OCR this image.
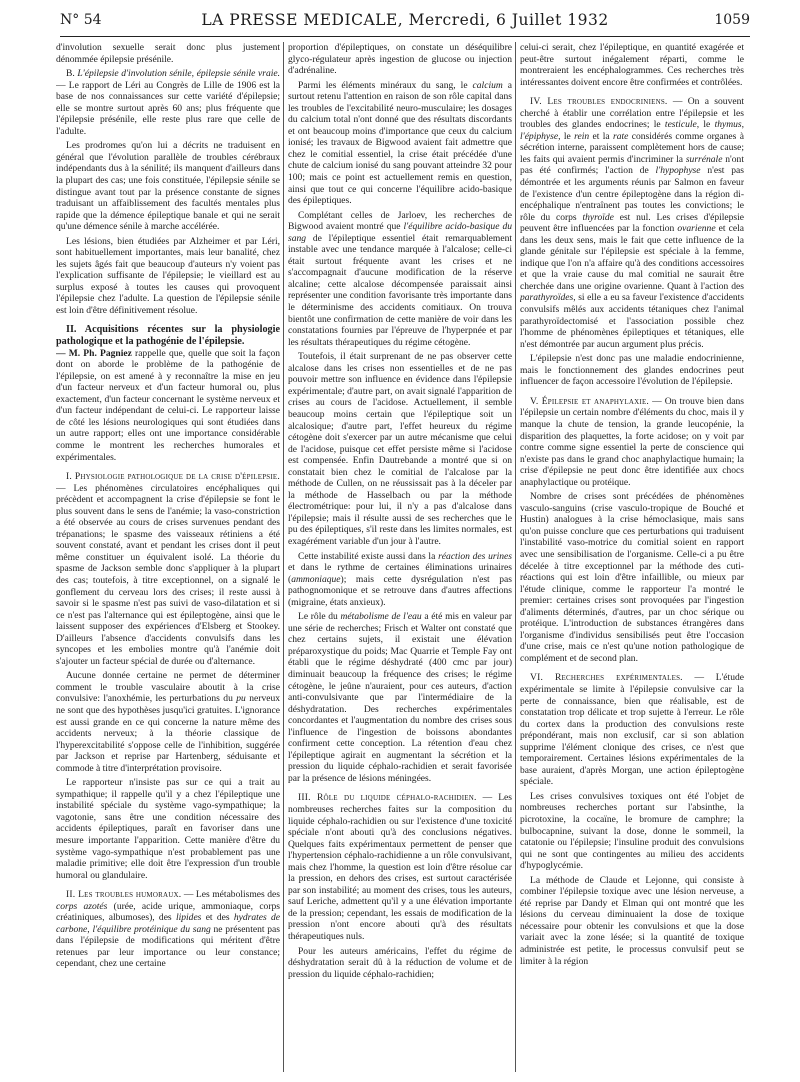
N° 54	LA PRESSE MEDICALE, Mercredi, 6 Juillet 1932	1059

d'involution sexuelle serait donc plus justement dénommée épilepsie présénile.

B. L'épilepsie d'involution sénile, épilepsie sénile vraie. — Le rapport de Léri au Congrès de Lille de 1906 est la base de nos connaissances sur cette variété d'épilepsie; elle se montre surtout après 60 ans; plus fréquente que l'épilepsie présénile, elle reste plus rare que celle de l'adulte.

Les prodromes qu'on lui a décrits ne traduisent en général que l'évolution parallèle de troubles cérébraux indépendants dus à la sénilité; ils manquent d'ailleurs dans la plupart des cas; une fois constituée, l'épilepsie sénile se distingue avant tout par la présence constante de signes traduisant un affaiblissement des facultés mentales plus rapide que la démence épileptique banale et qui ne serait qu'une démence sénile à marche accélérée.

Les lésions, bien étudiées par Alzheimer et par Léri, sont habituellement importantes, mais leur banalité, chez les sujets âgés fait que beaucoup d'auteurs n'y voient pas l'explication suffisante de l'épilepsie; le vieillard est au surplus exposé à toutes les causes qui provoquent l'épilepsie chez l'adulte. La question de l'épilepsie sénile est loin d'être définitivement résolue.

II. Acquisitions récentes sur la physiologie pathologique et la pathogénie de l'épilepsie.

— M. Ph. Pagniez rappelle que, quelle que soit la façon dont on aborde le problème de la pathogénie de l'épilepsie, on est amené à y reconnaître la mise en jeu d'un facteur nerveux et d'un facteur humoral ou, plus exactement, d'un facteur concernant le système nerveux et d'un facteur indépendant de celui-ci. Le rapporteur laisse de côté les lésions neurologiques qui sont étudiées dans un autre rapport; elles ont une importance considérable comme le montrent les recherches humorales et expérimentales.

I. Physiologie pathologique de la crise d'épilepsie. — Les phénomènes circulatoires encéphaliques qui précèdent et accompagnent la crise d'épilepsie se font le plus souvent dans le sens de l'anémie; la vaso-constriction a été observée au cours de crises survenues pendant des trépanations; le spasme des vaisseaux rétiniens a été souvent constaté, avant et pendant les crises dont il peut même constituer un équivalent isolé. La théorie du spasme de Jackson semble donc s'appliquer à la plupart des cas; toutefois, à titre exceptionnel, on a signalé le gonflement du cerveau lors des crises; il reste aussi à savoir si le spasme n'est pas suivi de vaso-dilatation et si ce n'est pas l'alternance qui est épileptogène, ainsi que le laissent supposer des expériences d'Elsberg et Stookey. D'ailleurs l'absence d'accidents convulsifs dans les syncopes et les embolies montre qu'à l'anémie doit s'ajouter un facteur spécial de durée ou d'alternance.

Aucune donnée certaine ne permet de déterminer comment le trouble vasculaire aboutit à la crise convulsive: l'anoxhémie, les perturbations du pu nerveux ne sont que des hypothèses jusqu'ici gratuites. L'ignorance est aussi grande en ce qui concerne la nature même des accidents nerveux; à la théorie classique de l'hyperexcitabilité s'oppose celle de l'inhibition, suggérée par Jackson et reprise par Hartenberg, séduisante et commode à titre d'interprétation provisoire.

Le rapporteur n'insiste pas sur ce qui a trait au sympathique; il rappelle qu'il y a chez l'épileptique une instabilité spéciale du système vago-sympathique; la vagotonie, sans être une condition nécessaire des accidents épileptiques, paraît en favoriser dans une mesure importante l'apparition. Cette manière d'être du système vago-sympathique n'est probablement pas une maladie primitive; elle doit être l'expression d'un trouble humoral ou glandulaire.

II. Les troubles humoraux. — Les métabolismes des corps azotés (urée, acide urique, ammoniaque, corps créatiniques, albumoses), des lipides et des hydrates de carbone, l'équilibre protéinique du sang ne présentent pas dans l'épilepsie de modifications qui méritent d'être retenues par leur importance ou leur constance; cependant, chez une certaine

proportion d'épileptiques, on constate un déséquilibre glyco-régulateur après ingestion de glucose ou injection d'adrénaline.

Parmi les éléments minéraux du sang, le calcium a surtout retenu l'attention en raison de son rôle capital dans les troubles de l'excitabilité neuro-musculaire; les dosages du calcium total n'ont donné que des résultats discordants et ont beaucoup moins d'importance que ceux du calcium ionisé; les travaux de Bigwood avaient fait admettre que chez le comitial essentiel, la crise était précédée d'une chute de calcium ionisé du sang pouvant atteindre 32 pour 100; mais ce point est actuellement remis en question, ainsi que tout ce qui concerne l'équilibre acido-basique des épileptiques.

Complétant celles de Jarloev, les recherches de Bigwood avaient montré que l'équilibre acido-basique du sang de l'épileptique essentiel était remarquablement instable avec une tendance marquée à l'alcalose; celle-ci était surtout fréquente avant les crises et ne s'accompagnait d'aucune modification de la réserve alcaline; cette alcalose décompensée paraissait ainsi représenter une condition favorisante très importante dans le déterminisme des accidents comitiaux. On trouva bientôt une confirmation de cette manière de voir dans les constatations fournies par l'épreuve de l'hyperpnée et par les résultats thérapeutiques du régime cétogène.

Toutefois, il était surprenant de ne pas observer cette alcalose dans les crises non essentielles et de ne pas pouvoir mettre son influence en évidence dans l'épilepsie expérimentale; d'autre part, on avait signalé l'apparition de crises au cours de l'acidose. Actuellement, il semble beaucoup moins certain que l'épileptique soit un alcalosique; d'autre part, l'effet heureux du régime cétogène doit s'exercer par un autre mécanisme que celui de l'acidose, puisque cet effet persiste même si l'acidose est compensée. Enfin Dautrebande a montré que si on constatait bien chez le comitial de l'alcalose par la méthode de Cullen, on ne réussissait pas à la déceler par la méthode de Hasselbach ou par la méthode électrométrique: pour lui, il n'y a pas d'alcalose dans l'épilepsie; mais il résulte aussi de ses recherches que le pu des épileptiques, s'il reste dans les limites normales, est exagérément variable d'un jour à l'autre.

Cette instabilité existe aussi dans la réaction des urines et dans le rythme de certaines éliminations urinaires (ammoniaque); mais cette dysrégulation n'est pas pathognomonique et se retrouve dans d'autres affections (migraine, états anxieux).

Le rôle du métabolisme de l'eau a été mis en valeur par une série de recherches; Frisch et Walter ont constaté que chez certains sujets, il existait une élévation préparoxystique du poids; Mac Quarrie et Temple Fay ont établi que le régime déshydraté (400 cmc par jour) diminuait beaucoup la fréquence des crises; le régime cétogène, le jeûne n'auraient, pour ces auteurs, d'action anti-convulsivante que par l'intermédiaire de la déshydratation. Des recherches expérimentales concordantes et l'augmentation du nombre des crises sous l'influence de l'ingestion de boissons abondantes confirment cette conception. La rétention d'eau chez l'épileptique agirait en augmentant la sécrétion et la pression du liquide céphalo-rachidien et serait favorisée par la présence de lésions méningées.

III. Rôle du liquide céphalo-rachidien. — Les nombreuses recherches faites sur la composition du liquide céphalo-rachidien ou sur l'existence d'une toxicité spéciale n'ont abouti qu'à des conclusions négatives. Quelques faits expérimentaux permettent de penser que l'hypertension céphalo-rachidienne a un rôle convulsivant, mais chez l'homme, la question est loin d'être résolue car la pression, en dehors des crises, est surtout caractérisée par son instabilité; au moment des crises, tous les auteurs, sauf Leriche, admettent qu'il y a une élévation importante de la pression; cependant, les essais de modification de la pression n'ont encore abouti qu'à des résultats thérapeutiques nuls.

Pour les auteurs américains, l'effet du régime de déshydratation serait dû à la réduction de volume et de pression du liquide céphalo-rachidien;

celui-ci serait, chez l'épileptique, en quantité exagérée et peut-être surtout inégalement réparti, comme le montreraient les encéphalogrammes. Ces recherches très intéressantes doivent encore être confirmées et contrôlées.

IV. Les troubles endocriniens. — On a souvent cherché à établir une corrélation entre l'épilepsie et les troubles des glandes endocrines; le testicule, le thymus, l'épiphyse, le rein et la rate considérés comme organes à sécrétion interne, paraissent complètement hors de cause; les faits qui avaient permis d'incriminer la surrénale n'ont pas été confirmés; l'action de l'hypophyse n'est pas démontrée et les arguments réunis par Salmon en faveur de l'existence d'un centre épileptogène dans la région di-encéphalique n'entraînent pas toutes les convictions; le rôle du corps thyroïde est nul. Les crises d'épilepsie peuvent être influencées par la fonction ovarienne et cela dans les deux sens, mais le fait que cette influence de la glande génitale sur l'épilepsie est spéciale à la femme, indique que l'on n'a affaire qu'à des conditions accessoires et que la vraie cause du mal comitial ne saurait être cherchée dans une origine ovarienne. Quant à l'action des parathyroïdes, si elle a eu sa faveur l'existence d'accidents convulsifs mêlés aux accidents tétaniques chez l'animal parathyroïdectomisé et l'association possible chez l'homme de phénomènes épileptiques et tétaniques, elle n'est démontrée par aucun argument plus précis.

L'épilepsie n'est donc pas une maladie endocrinienne, mais le fonctionnement des glandes endocrines peut influencer de façon accessoire l'évolution de l'épilepsie.

V. Épilepsie et anaphylaxie. — On trouve bien dans l'épilepsie un certain nombre d'éléments du choc, mais il y manque la chute de tension, la grande leucopénie, la disparition des plaquettes, la forte acidose; on y voit par contre comme signe essentiel la perte de conscience qui n'existe pas dans le grand choc anaphylactique humain; la crise d'épilepsie ne peut donc être identifiée aux chocs anaphylactique ou protéique.

Nombre de crises sont précédées de phénomènes vasculo-sanguins (crise vasculo-tropique de Bouché et Hustin) analogues à la crise hémoclasique, mais sans qu'on puisse conclure que ces perturbations qui traduisent l'instabilité vaso-motrice du comitial soient en rapport avec une sensibilisation de l'organisme. Celle-ci a pu être décelée à titre exceptionnel par la méthode des cuti-réactions qui est loin d'être infaillible, ou mieux par l'étude clinique, comme le rapporteur l'a montré le premier: certaines crises sont provoquées par l'ingestion d'aliments déterminés, d'autres, par un choc sérique ou protéique. L'introduction de substances étrangères dans l'organisme d'individus sensibilisés peut être l'occasion d'une crise, mais ce n'est qu'une notion pathologique de complément et de second plan.

VI. Recherches expérimentales. — L'étude expérimentale se limite à l'épilepsie convulsive car la perte de connaissance, bien que réalisable, est de constatation trop délicate et trop sujette à l'erreur. Le rôle du cortex dans la production des convulsions reste prépondérant, mais non exclusif, car si son ablation supprime l'élément clonique des crises, ce n'est que temporairement. Certaines lésions expérimentales de la base auraient, d'après Morgan, une action épileptogène spéciale.

Les crises convulsives toxiques ont été l'objet de nombreuses recherches portant sur l'absinthe, la picrotoxine, la cocaïne, le bromure de camphre; la bulbocapnine, suivant la dose, donne le sommeil, la catatonie ou l'épilepsie; l'insuline produit des convulsions qui ne sont que contingentes au milieu des accidents d'hypoglycémie.

La méthode de Claude et Lejonne, qui consiste à combiner l'épilepsie toxique avec une lésion nerveuse, a été reprise par Dandy et Elman qui ont montré que les lésions du cerveau diminuaient la dose de toxique nécessaire pour obtenir les convulsions et que la dose variait avec la zone lésée; si la quantité de toxique administrée est petite, le processus convulsif peut se limiter à la région
